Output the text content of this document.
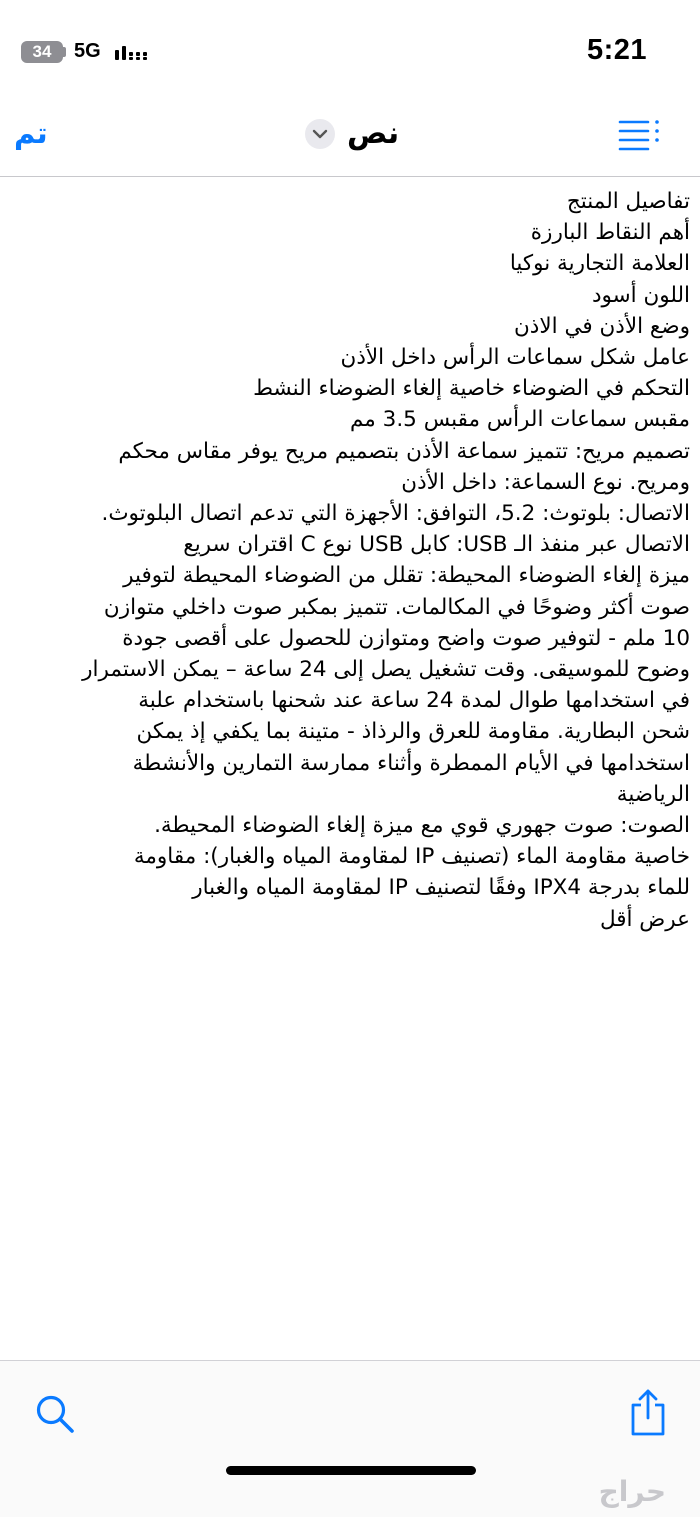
34	5G	5:21
تم	نص
تفاصيل المنتج
أهم النقاط البارزة
العلامة التجارية نوكيا
اللون أسود
وضع الأذن في الاذن
عامل شكل سماعات الرأس داخل الأذن
التحكم في الضوضاء خاصية إلغاء الضوضاء النشط
مقبس سماعات الرأس مقبس 3.5 مم
تصميم مريح: تتميز سماعة الأذن بتصميم مريح يوفر مقاس محكم
ومريح. نوع السماعة: داخل الأذن
الاتصال: بلوتوث: 5.2، التوافق: الأجهزة التي تدعم اتصال البلوتوث.
الاتصال عبر منفذ الـ USB: كابل USB نوع C اقتران سريع
ميزة إلغاء الضوضاء المحيطة: تقلل من الضوضاء المحيطة لتوفير
صوت أكثر وضوحًا في المكالمات. تتميز بمكبر صوت داخلي متوازن
10 ملم - لتوفير صوت واضح ومتوازن للحصول على أقصى جودة
وضوح للموسيقى. وقت تشغيل يصل إلى 24 ساعة – يمكن الاستمرار
في استخدامها طوال لمدة 24 ساعة عند شحنها باستخدام علبة
شحن البطارية. مقاومة للعرق والرذاذ - متينة بما يكفي إذ يمكن
استخدامها في الأيام الممطرة وأثناء ممارسة التمارين والأنشطة
الرياضية
الصوت: صوت جهوري قوي مع ميزة إلغاء الضوضاء المحيطة.
خاصية مقاومة الماء (تصنيف IP لمقاومة المياه والغبار): مقاومة
للماء بدرجة IPX4 وفقًا لتصنيف IP لمقاومة المياه والغبار
عرض أقل
حراج
